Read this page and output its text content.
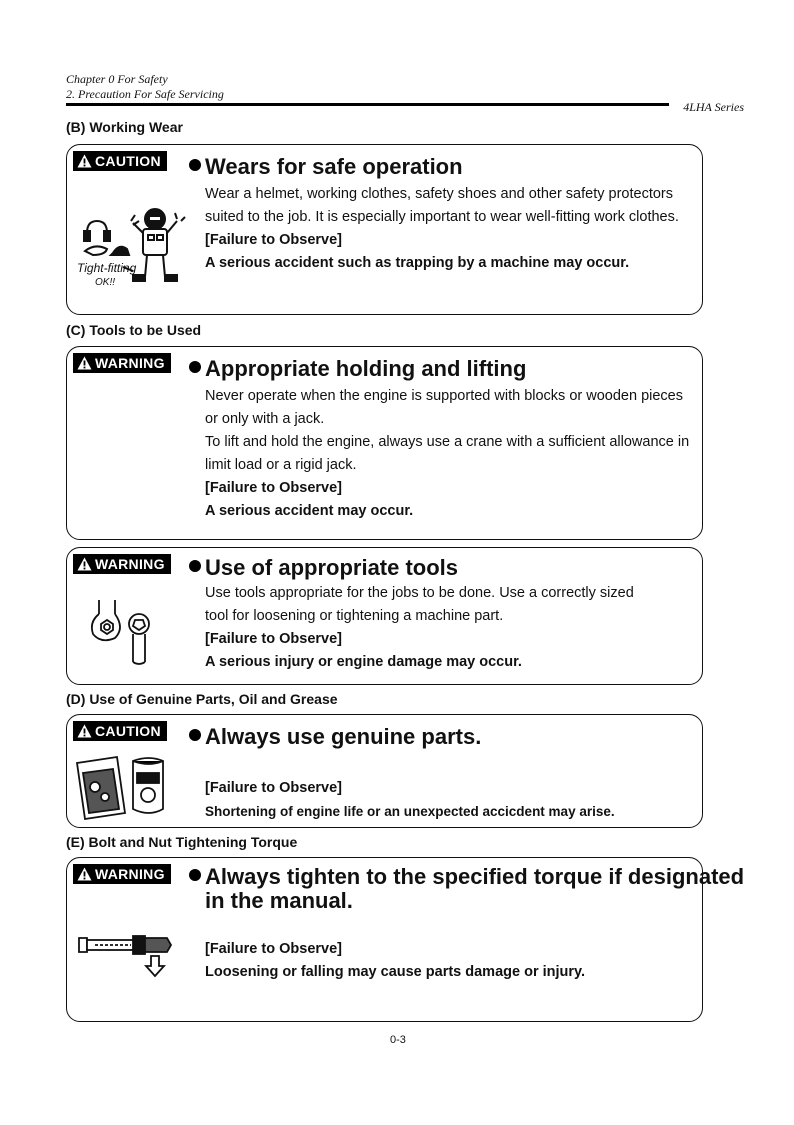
Chapter 0 For Safety
2. Precaution For Safe Servicing
4LHA Series
(B) Working Wear
CAUTION	Wears for safe operation

Wear a helmet, working clothes, safety shoes and other safety protectors

suited to the job. It is especially important to wear well-fitting work clothes.

[Failure to Observe]

A serious accident such as trapping by a machine may occur.

Tight-fitting
OK!!
(C) Tools to be Used
WARNING	Appropriate holding and lifting

Never operate when the engine is supported with blocks or wooden pieces

or only with a jack.

To lift and hold the engine, always use a crane with a sufficient allowance in

limit load or a rigid jack.

[Failure to Observe]

A serious accident may occur.

WARNING	Use of appropriate tools

Use tools appropriate for the jobs to be done. Use a correctly sized

tool for loosening or tightening a machine part.

[Failure to Observe]

A serious injury or engine damage may occur.

(D) Use of Genuine Parts, Oil and Grease
CAUTION	Always use genuine parts.

[Failure to Observe]

Shortening of engine life or an unexpected accicdent may arise.

(E) Bolt and Nut Tightening Torque
WARNING	Always tighten to the specified torque if designated
in the manual.

[Failure to Observe]

Loosening or falling may cause parts damage or injury.

0-3
